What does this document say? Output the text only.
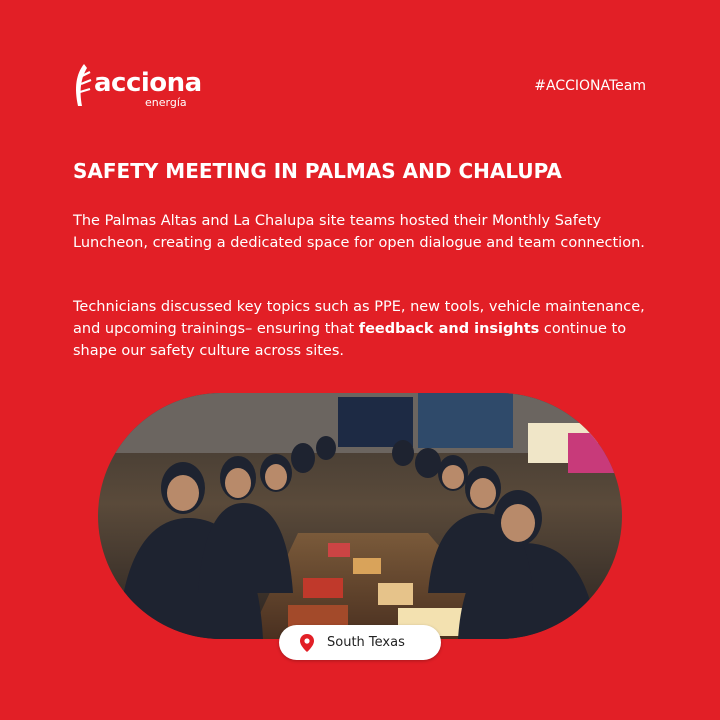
acciona
energía
#ACCIONATeam
SAFETY MEETING IN PALMAS AND CHALUPA

The Palmas Altas and La Chalupa site teams hosted their Monthly Safety Luncheon, creating a dedicated space for open dialogue and team connection.

Technicians discussed key topics such as PPE, new tools, vehicle maintenance, and upcoming trainings– ensuring that feedback and insights continue to shape our safety culture across sites.

South Texas
